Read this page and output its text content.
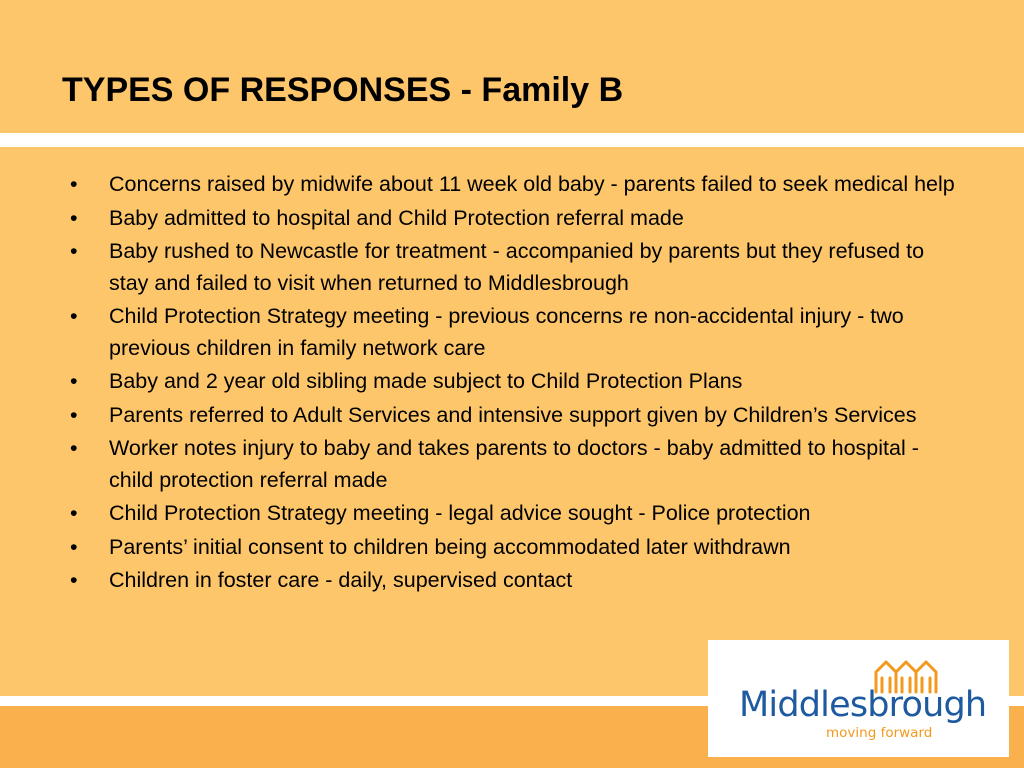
TYPES OF RESPONSES - Family B
• Concerns raised by midwife about 11 week old baby - parents failed to seek medical help
• Baby admitted to hospital and Child Protection referral made
• Baby rushed to Newcastle for treatment - accompanied by parents but they refused to stay and failed to visit when returned to Middlesbrough
• Child Protection Strategy meeting - previous concerns re non-accidental injury - two previous children in family network care
• Baby and 2 year old sibling made subject to Child Protection Plans
• Parents referred to Adult Services and intensive support given by Children’s Services
• Worker notes injury to baby and takes parents to doctors - baby admitted to hospital - child protection referral made
• Child Protection Strategy meeting - legal advice sought - Police protection
• Parents’ initial consent to children being accommodated later withdrawn
• Children in foster care - daily, supervised contact
Middlesbrough
moving forward
